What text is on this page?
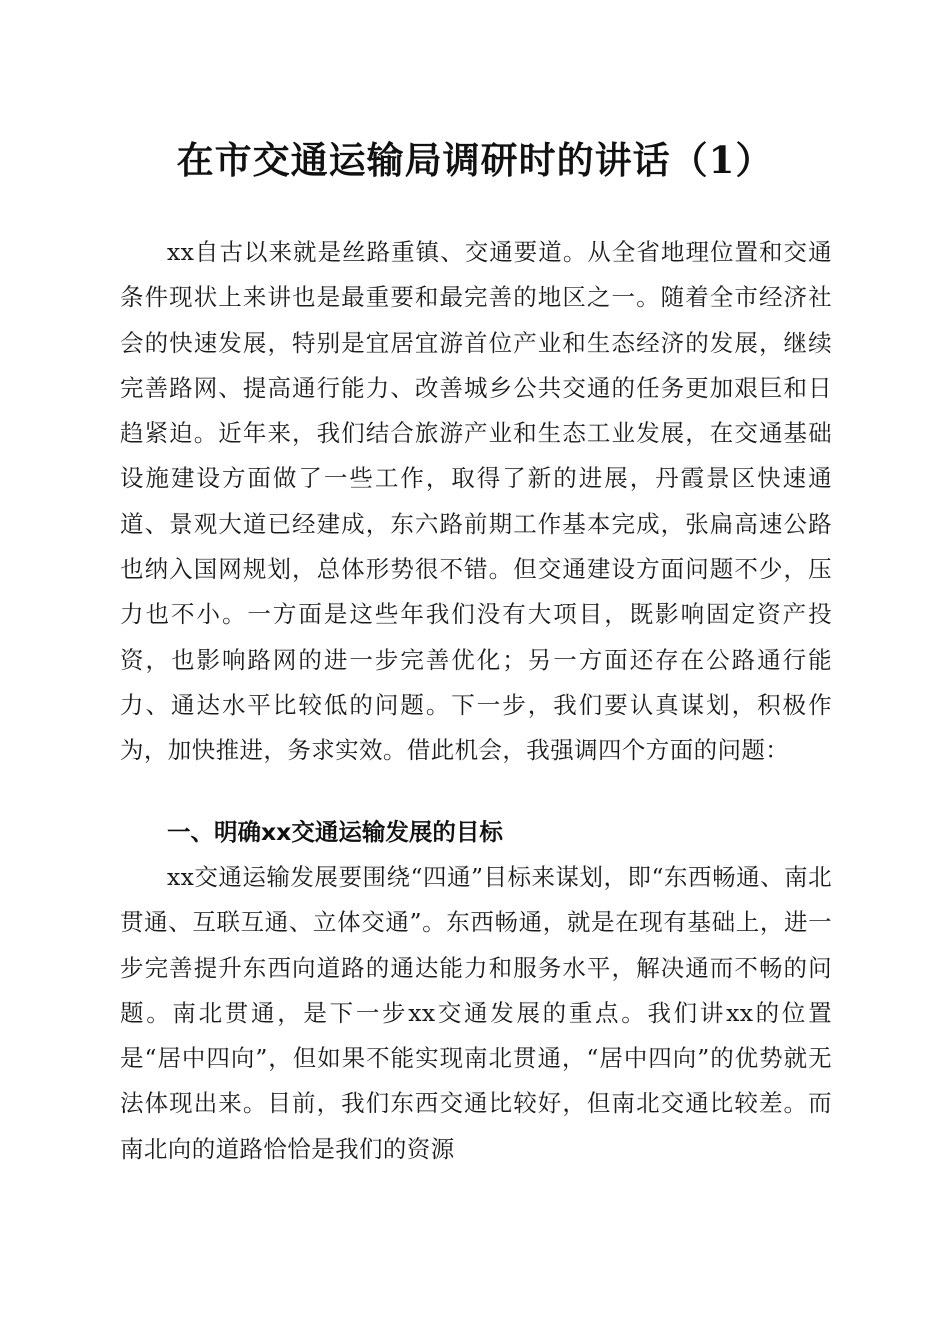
在市交通运输局调研时的讲话（1）
xx自古以来就是丝路重镇、交通要道。从全省地理位置和交通条件现状上来讲也是最重要和最完善的地区之一。随着全市经济社会的快速发展，特别是宜居宜游首位产业和生态经济的发展，继续完善路网、提高通行能力、改善城乡公共交通的任务更加艰巨和日趋紧迫。近年来，我们结合旅游产业和生态工业发展，在交通基础设施建设方面做了一些工作，取得了新的进展，丹霞景区快速通道、景观大道已经建成，东六路前期工作基本完成，张扁高速公路也纳入国网规划，总体形势很不错。但交通建设方面问题不少，压力也不小。一方面是这些年我们没有大项目，既影响固定资产投资，也影响路网的进一步完善优化；另一方面还存在公路通行能力、通达水平比较低的问题。下一步，我们要认真谋划，积极作为，加快推进，务求实效。借此机会，我强调四个方面的问题：
一、明确xx交通运输发展的目标
xx交通运输发展要围绕“四通”目标来谋划，即“东西畅通、南北贯通、互联互通、立体交通”。东西畅通，就是在现有基础上，进一步完善提升东西向道路的通达能力和服务水平，解决通而不畅的问题。南北贯通，是下一步xx交通发展的重点。我们讲xx的位置是“居中四向”，但如果不能实现南北贯通，“居中四向”的优势就无法体现出来。目前，我们东西交通比较好，但南北交通比较差。而南北向的道路恰恰是我们的资源
